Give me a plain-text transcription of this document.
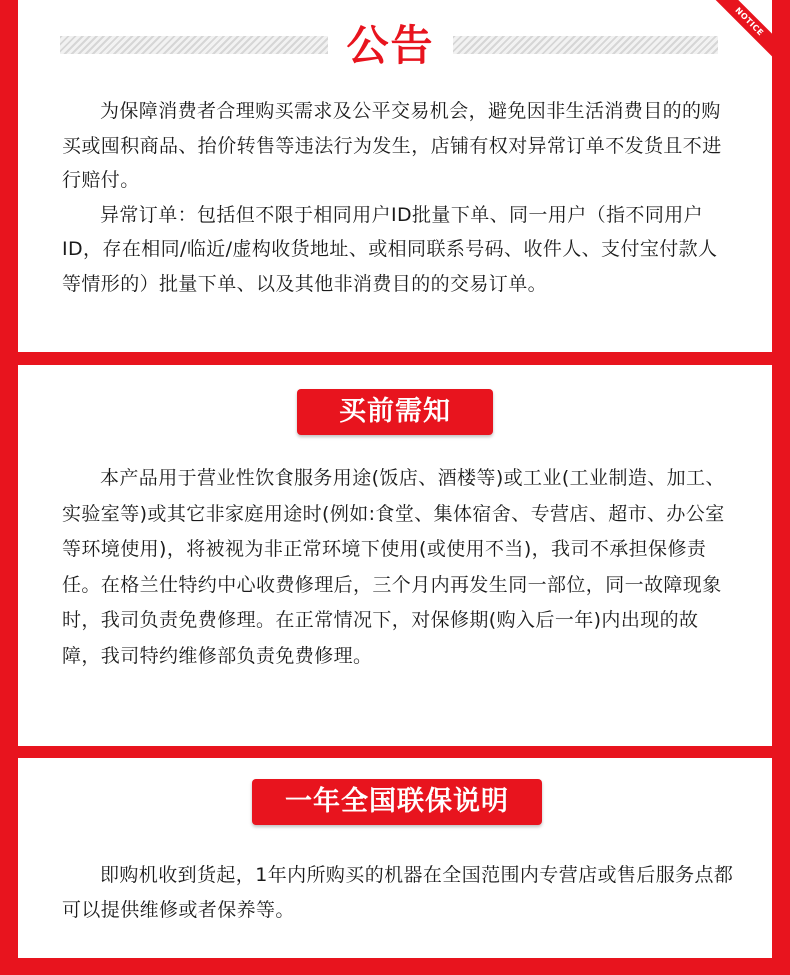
公告	NOTICE

为保障消费者合理购买需求及公平交易机会，避免因非生活消费目的的购买或囤积商品、抬价转售等违法行为发生，店铺有权对异常订单不发货且不进行赔付。

异常订单：包括但不限于相同用户ID批量下单、同一用户（指不同用户ID，存在相同/临近/虚构收货地址、或相同联系号码、收件人、支付宝付款人等情形的）批量下单、以及其他非消费目的的交易订单。

买前需知

本产品用于营业性饮食服务用途(饭店、酒楼等)或工业(工业制造、加工、实验室等)或其它非家庭用途时(例如:食堂、集体宿舍、专营店、超市、办公室等环境使用)，将被视为非正常环境下使用(或使用不当)，我司不承担保修责任。在格兰仕特约中心收费修理后，三个月内再发生同一部位，同一故障现象时，我司负责免费修理。在正常情况下，对保修期(购入后一年)内出现的故障，我司特约维修部负责免费修理。

一年全国联保说明

即购机收到货起，1年内所购买的机器在全国范围内专营店或售后服务点都可以提供维修或者保养等。
